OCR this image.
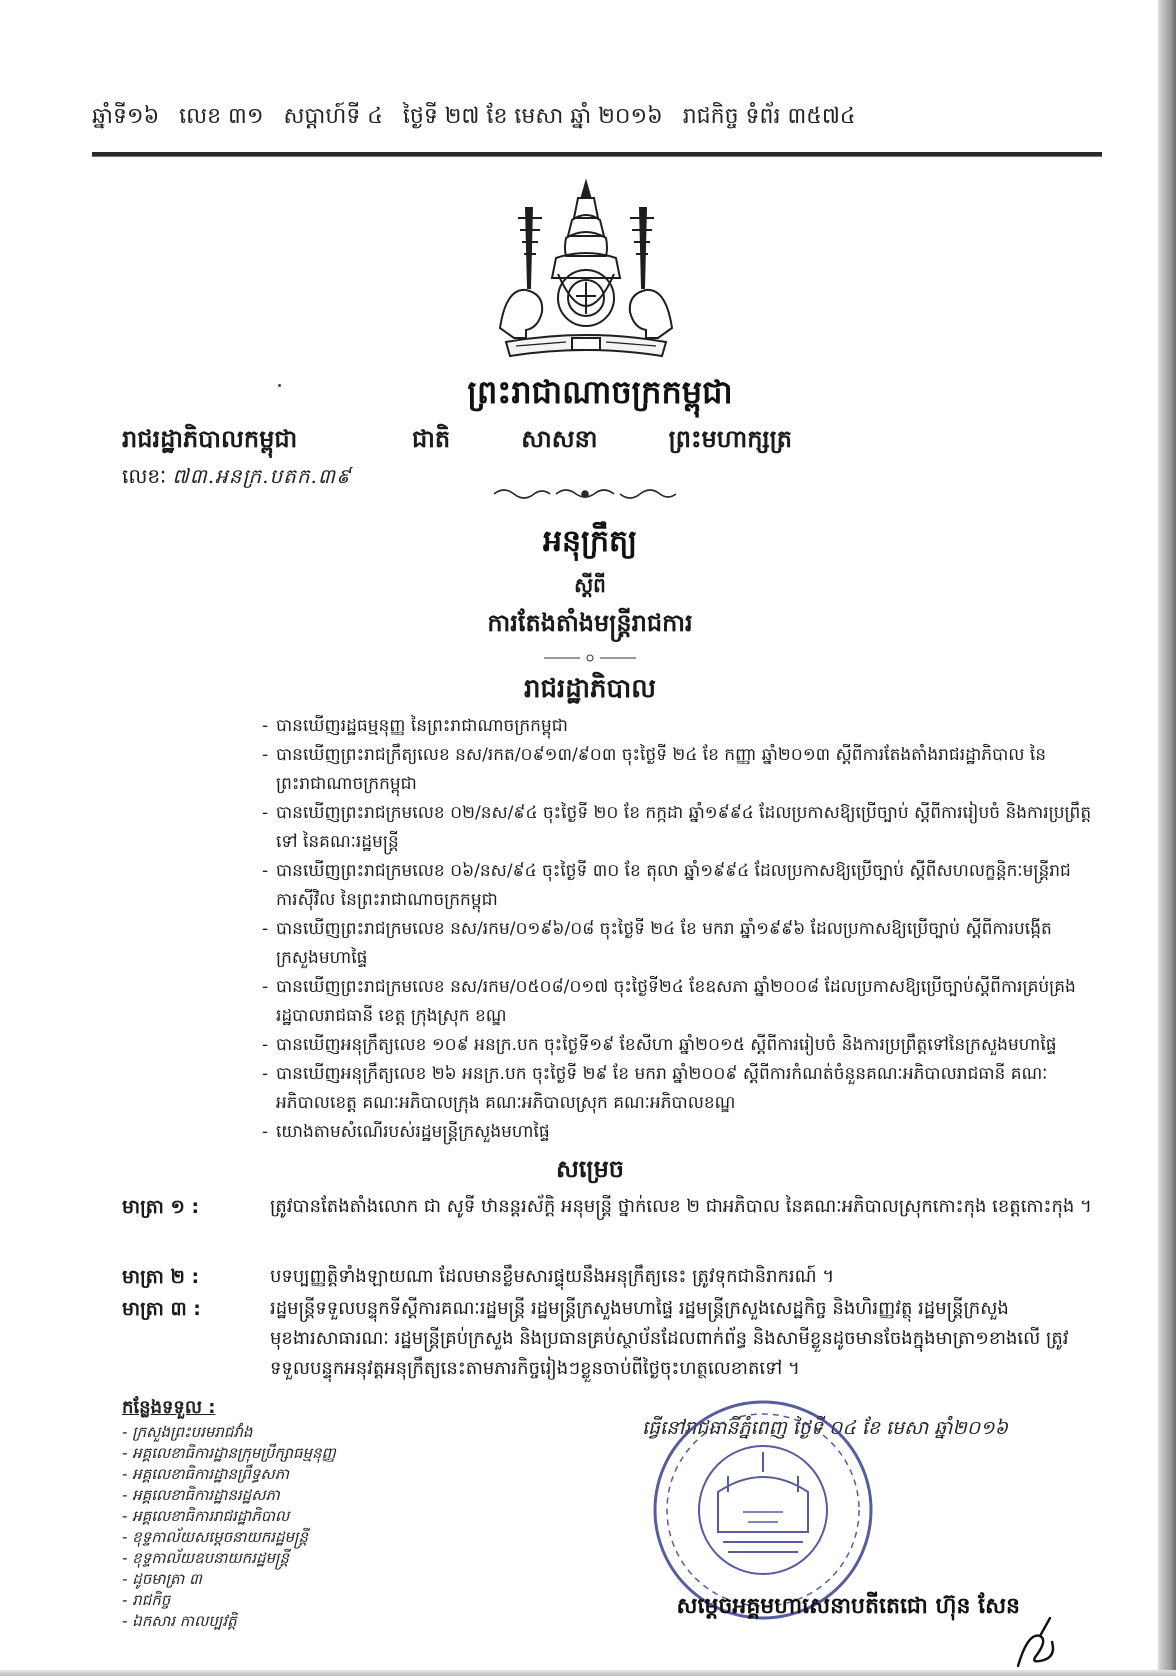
ឆ្នាំទី១៦ លេខ ៣១ សប្តាហ៍ទី ៤ ថ្ងៃទី ២៧ ខែ មេសា ឆ្នាំ ២០១៦ រាជកិច្ច ទំព័រ ៣៥៧៤
ព្រះរាជាណាចក្រកម្ពុជា
រាជរដ្ឋាភិបាលកម្ពុជា	ជាតិ	សាសនា	ព្រះមហាក្សត្រ
លេខៈ ៧៣.អនក្រ.បតក.៣៩
អនុក្រឹត្យ
ស្តីពី
ការតែងតាំងមន្ត្រីរាជការ
រាជរដ្ឋាភិបាល
- បានឃើញរដ្ឋធម្មនុញ្ញ នៃព្រះរាជាណាចក្រកម្ពុជា
- បានឃើញព្រះរាជក្រឹត្យលេខ នស/រកត/០៩១៣/៩០៣ ចុះថ្ងៃទី ២៤ ខែ កញ្ញា ឆ្នាំ២០១៣ ស្តីពីការតែងតាំងរាជរដ្ឋាភិបាល នៃព្រះរាជាណាចក្រកម្ពុជា
- បានឃើញព្រះរាជក្រមលេខ ០២/នស/៩៤ ចុះថ្ងៃទី ២០ ខែ កក្កដា ឆ្នាំ១៩៩៤ ដែលប្រកាសឱ្យប្រើច្បាប់ ស្តីពីការរៀបចំ និងការប្រព្រឹត្តទៅ នៃគណៈរដ្ឋមន្ត្រី
- បានឃើញព្រះរាជក្រមលេខ ០៦/នស/៩៤ ចុះថ្ងៃទី ៣០ ខែ តុលា ឆ្នាំ១៩៩៤ ដែលប្រកាសឱ្យប្រើច្បាប់ ស្តីពីសហលក្ខន្តិកៈមន្ត្រីរាជការស៊ីវិល នៃព្រះរាជាណាចក្រកម្ពុជា
- បានឃើញព្រះរាជក្រមលេខ នស/រកម/០១៩៦/០៨ ចុះថ្ងៃទី ២៤ ខែ មករា ឆ្នាំ១៩៩៦ ដែលប្រកាសឱ្យប្រើច្បាប់ ស្តីពីការបង្កើតក្រសួងមហាផ្ទៃ
- បានឃើញព្រះរាជក្រមលេខ នស/រកម/០៥០៨/០១៧ ចុះថ្ងៃទី២៤ ខែឧសភា ឆ្នាំ២០០៨ ដែលប្រកាសឱ្យប្រើច្បាប់ស្តីពីការគ្រប់គ្រងរដ្ឋបាលរាជធានី ខេត្ត ក្រុងស្រុក ខណ្ឌ
- បានឃើញអនុក្រឹត្យលេខ ១០៩ អនក្រ.បក ចុះថ្ងៃទី១៩ ខែសីហា ឆ្នាំ២០១៥ ស្តីពីការរៀបចំ និងការប្រព្រឹត្តទៅនៃក្រសួងមហាផ្ទៃ
- បានឃើញអនុក្រឹត្យលេខ ២៦ អនក្រ.បក ចុះថ្ងៃទី ២៩ ខែ មករា ឆ្នាំ២០០៩ ស្តីពីការកំណត់ចំនួនគណៈអភិបាលរាជធានី គណៈអភិបាលខេត្ត គណៈអភិបាលក្រុង គណៈអភិបាលស្រុក គណៈអភិបាលខណ្ឌ
- យោងតាមសំណើរបស់រដ្ឋមន្ត្រីក្រសួងមហាផ្ទៃ
សម្រេច
មាត្រា ១ :	ត្រូវបានតែងតាំងលោក ជា សូទី ឋានន្តរស័ក្តិ អនុមន្ត្រី ថ្នាក់លេខ ២ ជាអភិបាល នៃគណៈអភិបាលស្រុកកោះកុង ខេត្តកោះកុង ។
មាត្រា ២ :	បទប្បញ្ញត្តិទាំងឡាយណា ដែលមានខ្លឹមសារផ្ទុយនឹងអនុក្រឹត្យនេះ ត្រូវទុកជានិរាករណ៍ ។
មាត្រា ៣ :	រដ្ឋមន្ត្រីទទួលបន្ទុកទីស្តីការគណៈរដ្ឋមន្ត្រី រដ្ឋមន្ត្រីក្រសួងមហាផ្ទៃ រដ្ឋមន្ត្រីក្រសួងសេដ្ឋកិច្ច និងហិរញ្ញវត្ថុ រដ្ឋមន្ត្រីក្រសួងមុខងារសាធារណៈ រដ្ឋមន្ត្រីគ្រប់ក្រសួង និងប្រធានគ្រប់ស្ថាប័នដែលពាក់ព័ន្ធ និងសាមីខ្លួនដូចមានចែងក្នុងមាត្រា១ខាងលើ ត្រូវទទួលបន្ទុកអនុវត្តអនុក្រឹត្យនេះតាមភារកិច្ចរៀងៗខ្លួនចាប់ពីថ្ងៃចុះហត្ថលេខាតទៅ ។
ធ្វើនៅរាជធានីភ្នំពេញ ថ្ងៃទី ០៤ ខែ មេសា ឆ្នាំ២០១៦
កន្លែងទទួល :
- ក្រសួងព្រះបរមរាជវាំង
- អគ្គលេខាធិការដ្ឋានក្រុមប្រឹក្សាធម្មនុញ្ញ
- អគ្គលេខាធិការដ្ឋានព្រឹទ្ធសភា
- អគ្គលេខាធិការដ្ឋានរដ្ឋសភា
- អគ្គលេខាធិការរាជរដ្ឋាភិបាល
- ខុទ្ទកាល័យសម្តេចនាយករដ្ឋមន្ត្រី
- ខុទ្ទកាល័យឧបនាយករដ្ឋមន្ត្រី
- ដូចមាត្រា ៣
- រាជកិច្ច
- ឯកសារ កាលប្បវត្តិ
សម្តេចអគ្គមហាសេនាបតីតេជោ ហ៊ុន សែន
